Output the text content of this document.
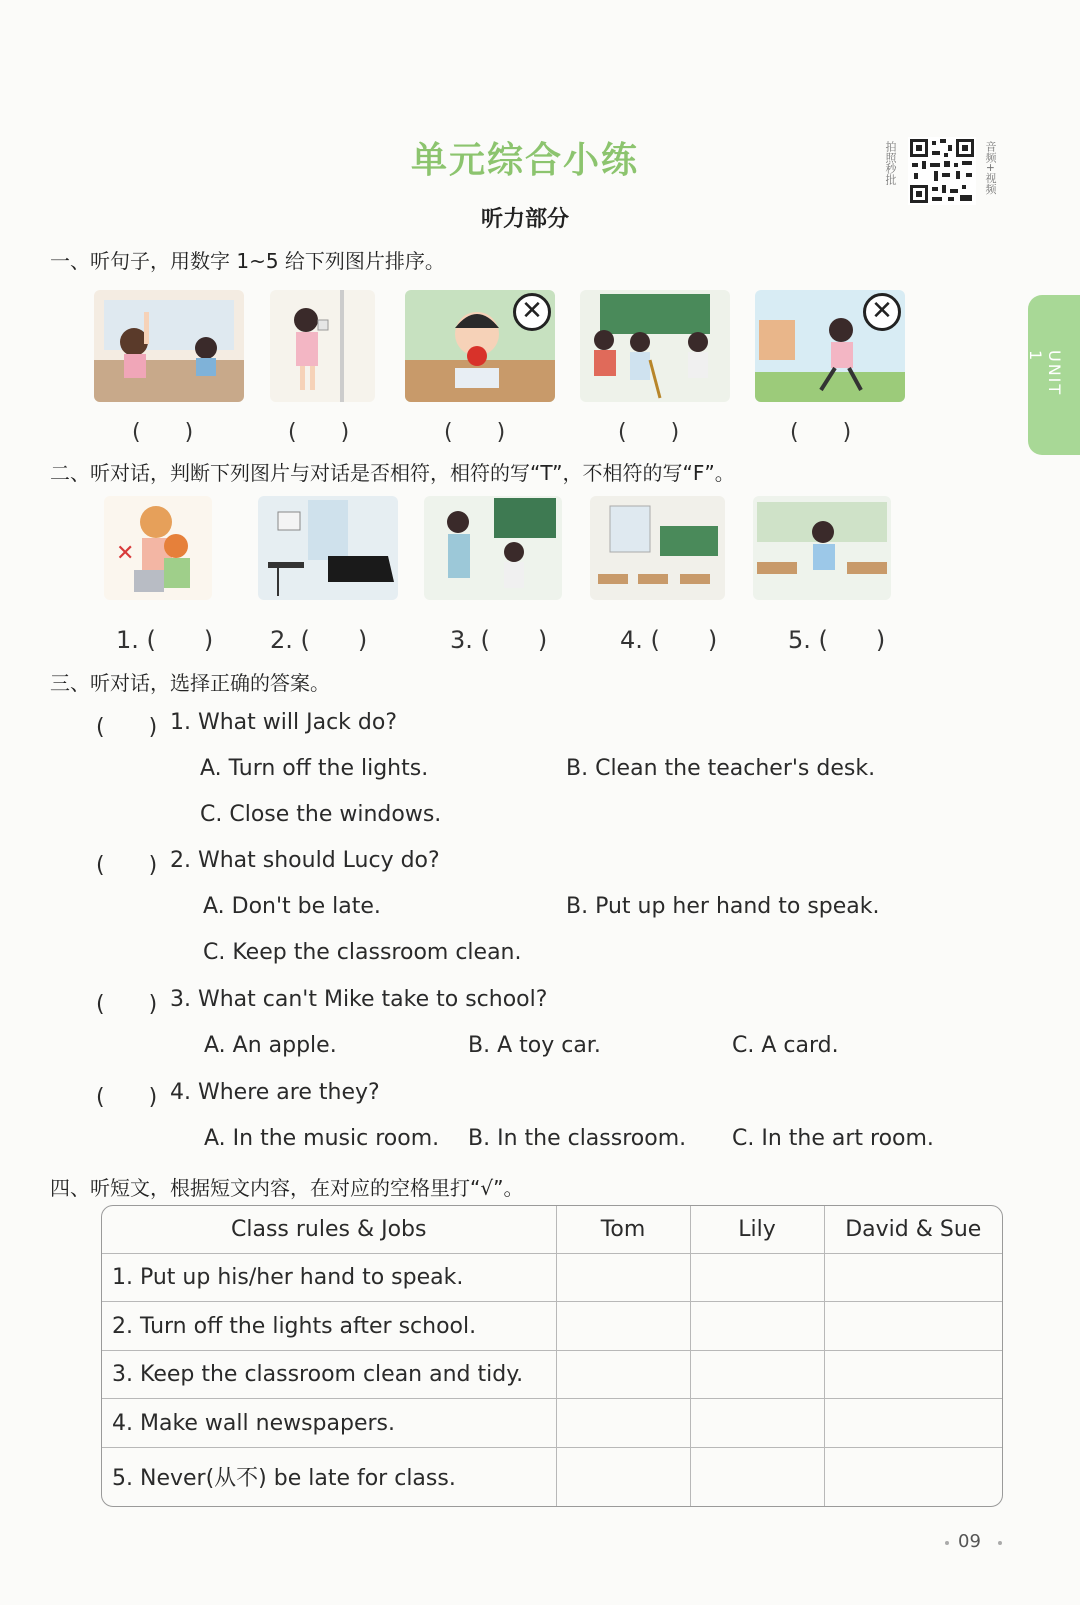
单元综合小练
听力部分
拍照秒批	音频+视频
UNIT 1
一、听句子，用数字 1~5 给下列图片排序。
✕	✕
(　　)	(　　)	(　　)	(　　)	(　　)
二、听对话，判断下列图片与对话是否相符，相符的写“T”，不相符的写“F”。
✕
1. (　　) 2. (　　)	3. (　　)	4. (　　)	5. (　　)
三、听对话，选择正确的答案。
(　　) 1. What will Jack do?
A. Turn off the lights.	B. Clean the teacher's desk.
C. Close the windows.
(　　) 2. What should Lucy do?
A. Don't be late.	B. Put up her hand to speak.
C. Keep the classroom clean.
(　　) 3. What can't Mike take to school?
A. An apple.	B. A toy car.	C. A card.
(　　) 4. Where are they?
A. In the music room. B. In the classroom. C. In the art room.
四、听短文，根据短文内容，在对应的空格里打“√”。
Class rules & Jobs	Tom	Lily	David & Sue
1. Put up his/her hand to speak.			
2. Turn off the lights after school.			
3. Keep the classroom clean and tidy.			
4. Make wall newspapers.			
5. Never(从不) be late for class.			
09
